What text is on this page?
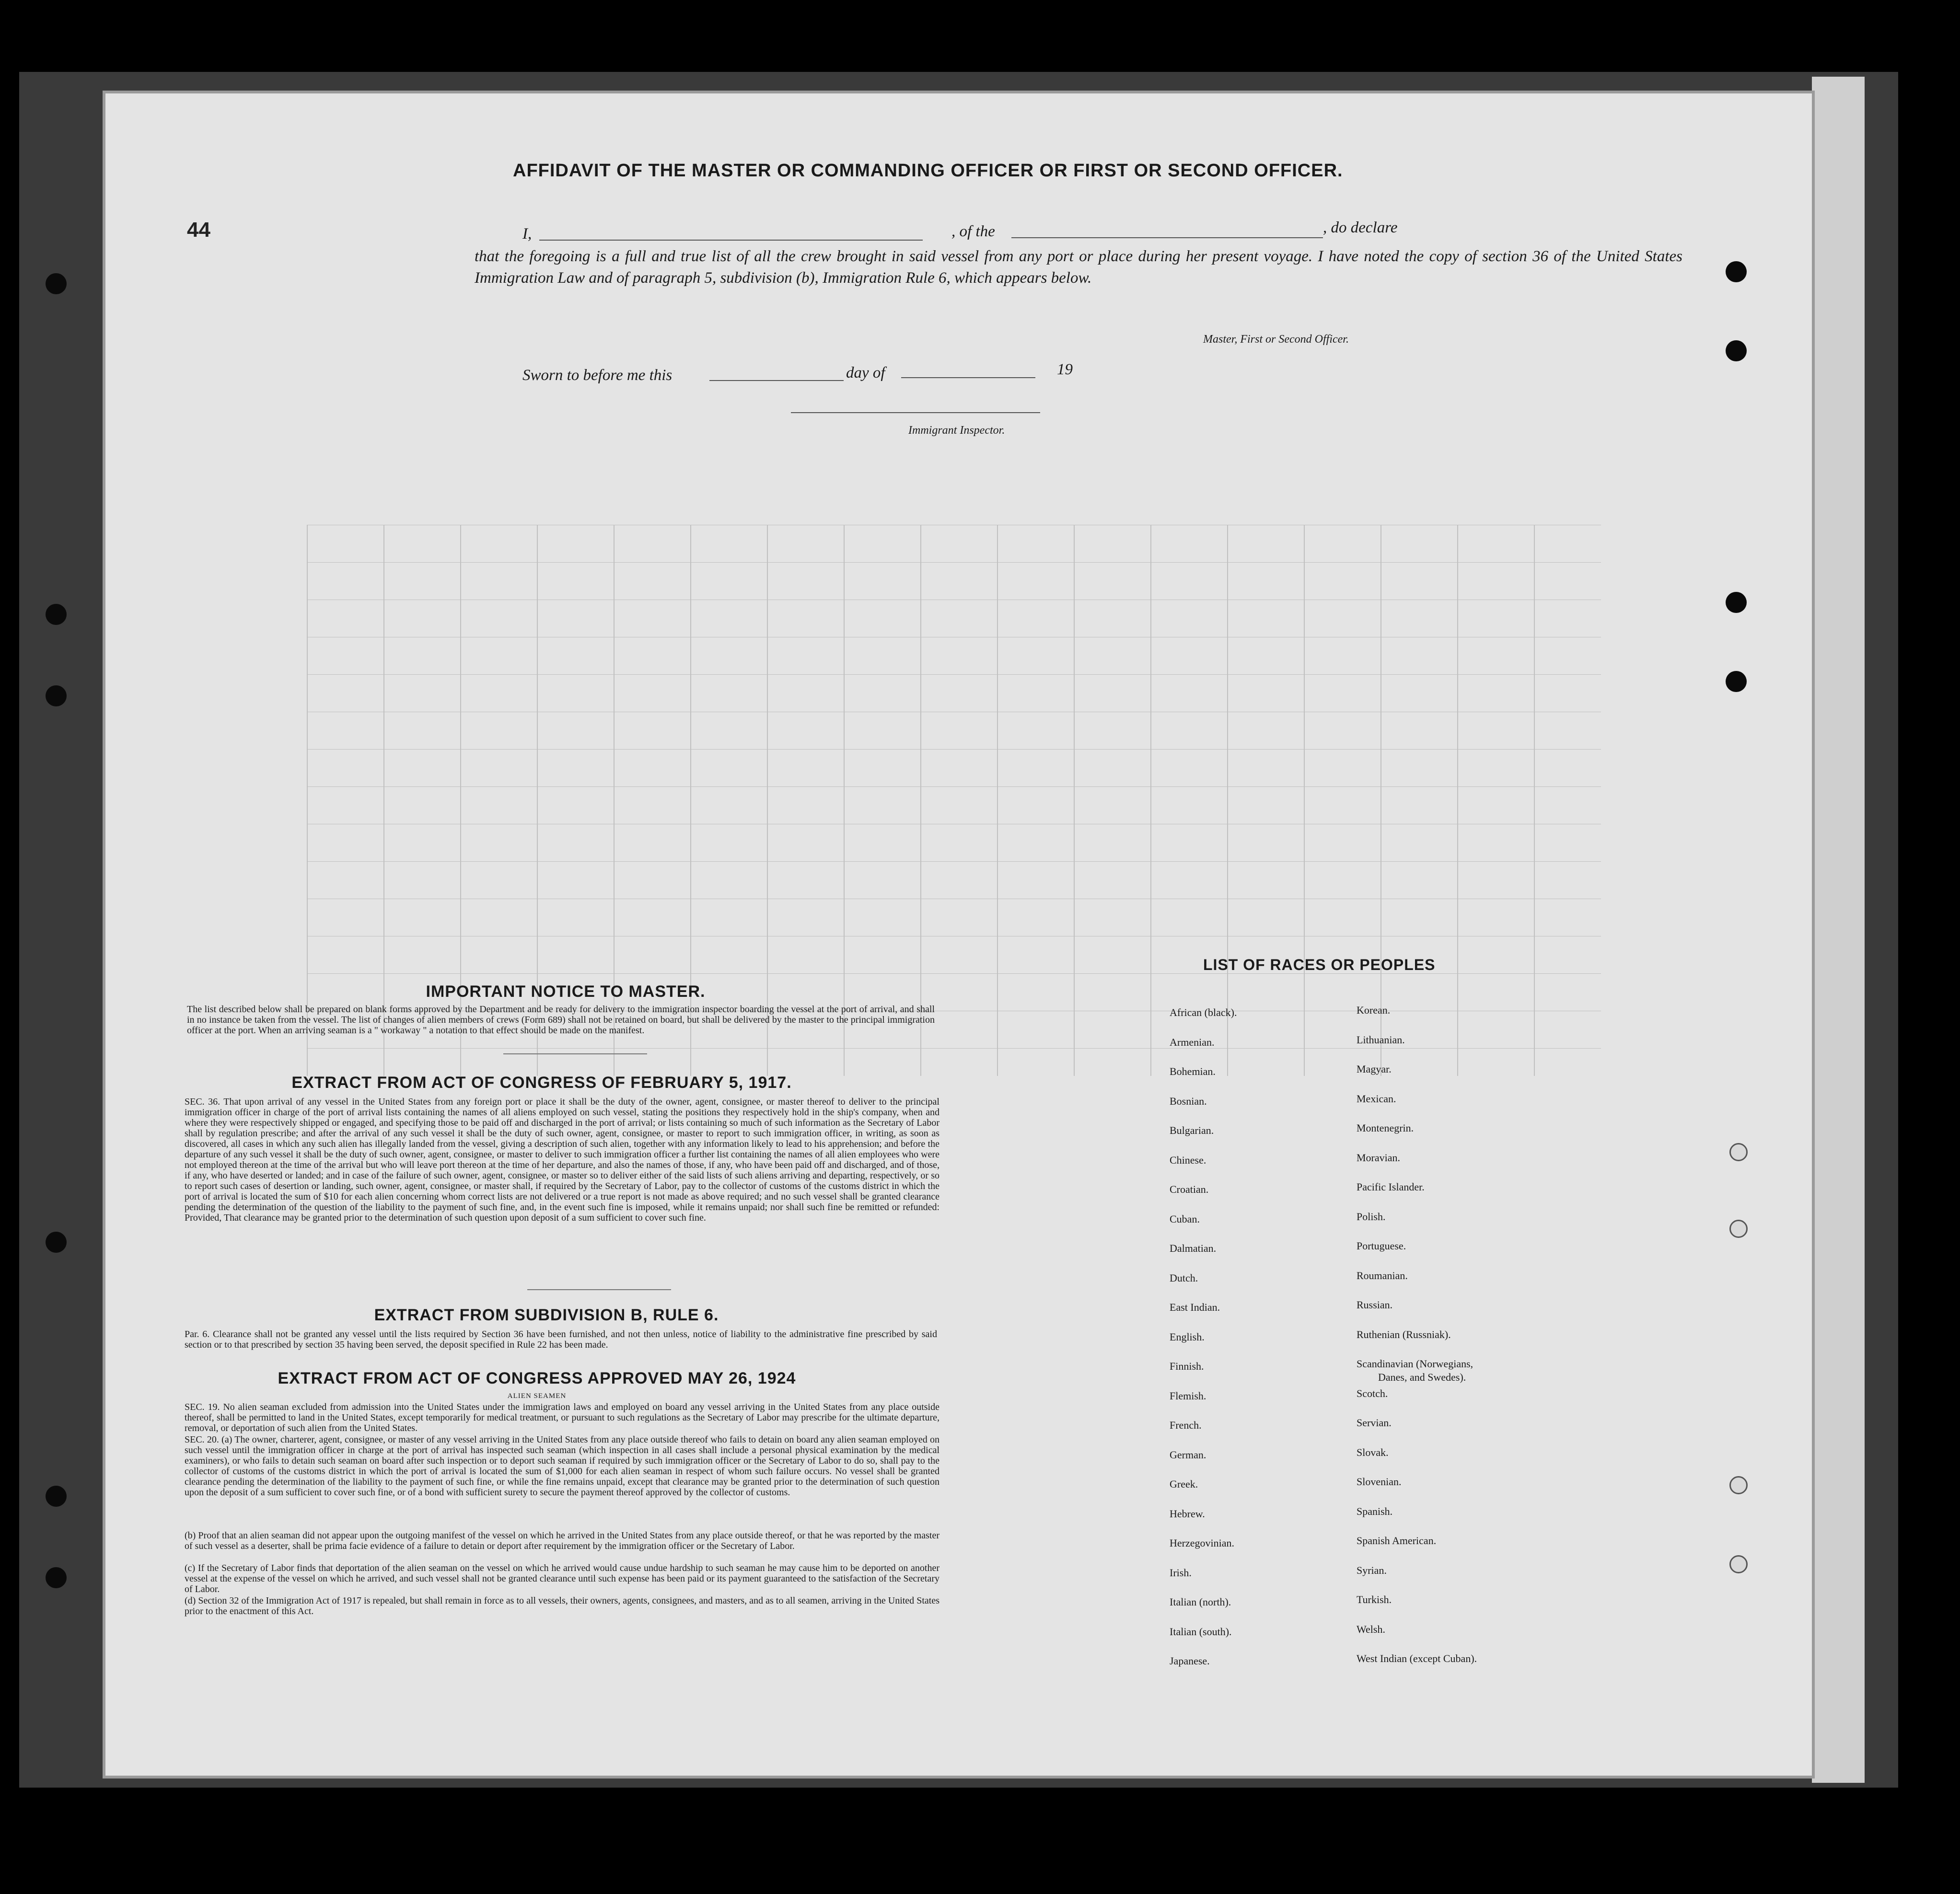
44
AFFIDAVIT OF THE MASTER OR COMMANDING OFFICER OR FIRST OR SECOND OFFICER.
I,	, of the	, do declare
that the foregoing is a full and true list of all the crew brought in said vessel from any port or place during her present voyage. I have noted the copy of section 36 of the United States Immigration Law and of paragraph 5, subdivision (b), Immigration Rule 6, which appears below.
Master, First or Second Officer.
Sworn to before me this	day of	19
Immigrant Inspector.
IMPORTANT NOTICE TO MASTER.
The list described below shall be prepared on blank forms approved by the Department and be ready for delivery to the immigration inspector boarding the vessel at the port of arrival, and shall in no instance be taken from the vessel. The list of changes of alien members of crews (Form 689) shall not be retained on board, but shall be delivered by the master to the principal immigration officer at the port. When an arriving seaman is a " workaway " a notation to that effect should be made on the manifest.
EXTRACT FROM ACT OF CONGRESS OF FEBRUARY 5, 1917.
SEC. 36. That upon arrival of any vessel in the United States from any foreign port or place it shall be the duty of the owner, agent, consignee, or master thereof to deliver to the principal immigration officer in charge of the port of arrival lists containing the names of all aliens employed on such vessel, stating the positions they respectively hold in the ship's company, when and where they were respectively shipped or engaged, and specifying those to be paid off and discharged in the port of arrival; or lists containing so much of such information as the Secretary of Labor shall by regulation prescribe; and after the arrival of any such vessel it shall be the duty of such owner, agent, consignee, or master to report to such immigration officer, in writing, as soon as discovered, all cases in which any such alien has illegally landed from the vessel, giving a description of such alien, together with any information likely to lead to his apprehension; and before the departure of any such vessel it shall be the duty of such owner, agent, consignee, or master to deliver to such immigration officer a further list containing the names of all alien employees who were not employed thereon at the time of the arrival but who will leave port thereon at the time of her departure, and also the names of those, if any, who have been paid off and discharged, and of those, if any, who have deserted or landed; and in case of the failure of such owner, agent, consignee, or master so to deliver either of the said lists of such aliens arriving and departing, respectively, or so to report such cases of desertion or landing, such owner, agent, consignee, or master shall, if required by the Secretary of Labor, pay to the collector of customs of the customs district in which the port of arrival is located the sum of $10 for each alien concerning whom correct lists are not delivered or a true report is not made as above required; and no such vessel shall be granted clearance pending the determination of the question of the liability to the payment of such fine, and, in the event such fine is imposed, while it remains unpaid; nor shall such fine be remitted or refunded: Provided, That clearance may be granted prior to the determination of such question upon deposit of a sum sufficient to cover such fine.
EXTRACT FROM SUBDIVISION B, RULE 6.
Par. 6. Clearance shall not be granted any vessel until the lists required by Section 36 have been furnished, and not then unless, notice of liability to the administrative fine prescribed by said section or to that prescribed by section 35 having been served, the deposit specified in Rule 22 has been made.
EXTRACT FROM ACT OF CONGRESS APPROVED MAY 26, 1924
ALIEN SEAMEN
SEC. 19. No alien seaman excluded from admission into the United States under the immigration laws and employed on board any vessel arriving in the United States from any place outside thereof, shall be permitted to land in the United States, except temporarily for medical treatment, or pursuant to such regulations as the Secretary of Labor may prescribe for the ultimate departure, removal, or deportation of such alien from the United States.
SEC. 20. (a) The owner, charterer, agent, consignee, or master of any vessel arriving in the United States from any place outside thereof who fails to detain on board any alien seaman employed on such vessel until the immigration officer in charge at the port of arrival has inspected such seaman (which inspection in all cases shall include a personal physical examination by the medical examiners), or who fails to detain such seaman on board after such inspection or to deport such seaman if required by such immigration officer or the Secretary of Labor to do so, shall pay to the collector of customs of the customs district in which the port of arrival is located the sum of $1,000 for each alien seaman in respect of whom such failure occurs. No vessel shall be granted clearance pending the determination of the liability to the payment of such fine, or while the fine remains unpaid, except that clearance may be granted prior to the determination of such question upon the deposit of a sum sufficient to cover such fine, or of a bond with sufficient surety to secure the payment thereof approved by the collector of customs.
(b) Proof that an alien seaman did not appear upon the outgoing manifest of the vessel on which he arrived in the United States from any place outside thereof, or that he was reported by the master of such vessel as a deserter, shall be prima facie evidence of a failure to detain or deport after requirement by the immigration officer or the Secretary of Labor.
(c) If the Secretary of Labor finds that deportation of the alien seaman on the vessel on which he arrived would cause undue hardship to such seaman he may cause him to be deported on another vessel at the expense of the vessel on which he arrived, and such vessel shall not be granted clearance until such expense has been paid or its payment guaranteed to the satisfaction of the Secretary of Labor.
(d) Section 32 of the Immigration Act of 1917 is repealed, but shall remain in force as to all vessels, their owners, agents, consignees, and masters, and as to all seamen, arriving in the United States prior to the enactment of this Act.
LIST OF RACES OR PEOPLES
African (black).
Armenian.
Bohemian.
Bosnian.
Bulgarian.
Chinese.
Croatian.
Cuban.
Dalmatian.
Dutch.
East Indian.
English.
Finnish.
Flemish.
French.
German.
Greek.
Hebrew.
Herzegovinian.
Irish.
Italian (north).
Italian (south).
Japanese.
Korean.
Lithuanian.
Magyar.
Mexican.
Montenegrin.
Moravian.
Pacific Islander.
Polish.
Portuguese.
Roumanian.
Russian.
Ruthenian (Russniak).
Scandinavian (Norwegians,
Danes, and Swedes).
Scotch.
Servian.
Slovak.
Slovenian.
Spanish.
Spanish American.
Syrian.
Turkish.
Welsh.
West Indian (except Cuban).
